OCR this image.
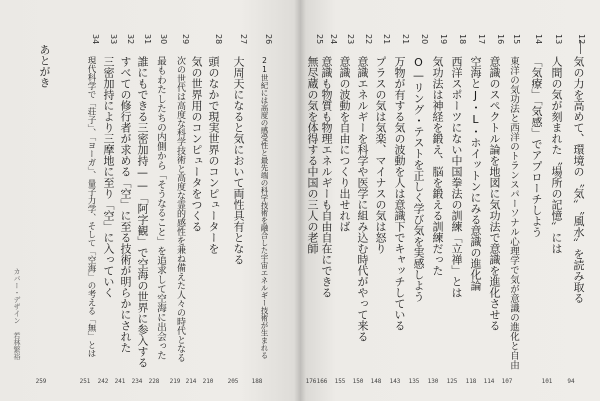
12
気の力を高めて、環境の〝気〟〝風水〟を読み取る
94
13
人間の気が刻まれた〝場所の記憶〟には
101
14
「気療」「気感」でアプローチしよう
15
東洋の気功法と西洋のトランスパーソナル心理学で気が意識の進化と自由
107
16
意識のスペクトル論を地図に気功法で意識を進化させる
114
17
空海とJ・L・ホイットンにみる意識の進化論
118
18
西洋スポーツにない中国拳法の訓練「立禅」とは
125
19
気功法は神経を鍛え、脳を鍛える訓練だった
130
20
O—リング・テストを正しく学び気を実感しよう
135
21
万物が有する気の波動を人は意識下でキャッチしている
143
21
プラスの気は気楽、マイナスの気は怒り
148
22
意識エネルギーを科学や医学に組み込む時代がやって来る
150
23
意識の波動を自由につくり出せれば
155
24
意識も物質も物理エネルギーも自由自在にできる
166
25
無尽蔵の気を体得する中国の三人の老師
176
26
21世紀には高度の感受性と最先端の科学技術を融合した宇宙エネルギー技術が生まれる
188
27
大周天になると気において両性具有となる
205
28
頭のなかで現実世界のコンピューターを
210
気の世界用のコンピュータをつくる
214
29
次の世代は高度な科学技術と高度な霊的感性を兼ね備えた人々の時代となる
219
30
最もわたしたちの内側から「そうなること」を追求して空海に出会った
228
31
誰にもできる三密加持——「阿字観」で空海の世界に参入する
234
32
すべての修行者が求める「空」に至る技術が明らかにされた
241
33
三密加持により三摩地に至り「空」に入っていく
242
34
現代科学で「荘子」、「ヨーガ」、量子力学、そして「空海」の考える「無」とは
251
あとがき
259
カバー・デザイン 若林繁裕
